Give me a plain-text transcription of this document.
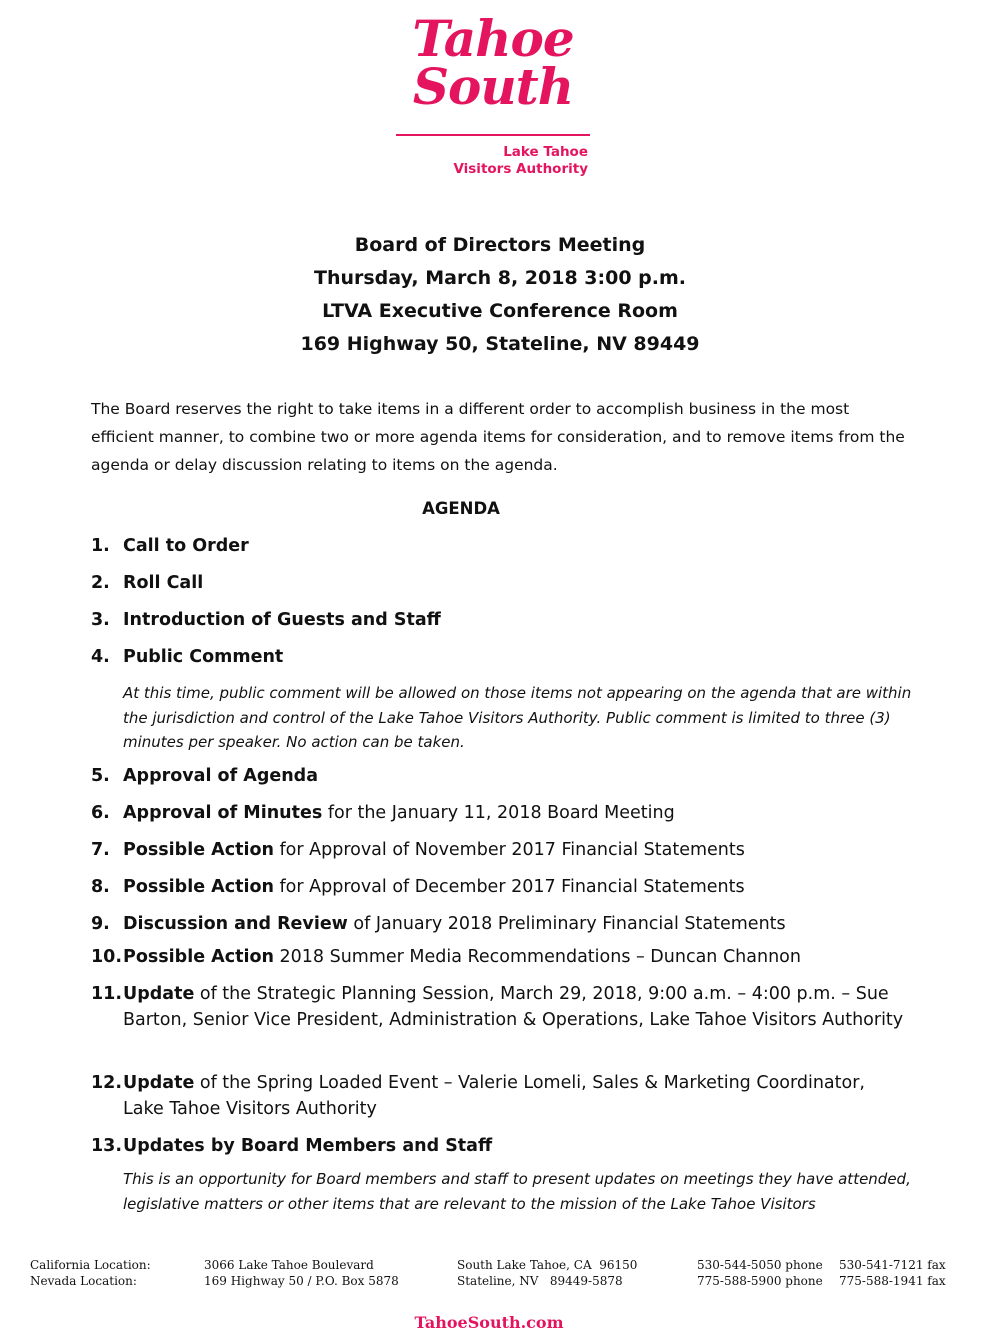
Tahoe
South
Lake Tahoe
Visitors Authority
Board of Directors Meeting
Thursday, March 8, 2018 3:00 p.m.
LTVA Executive Conference Room
169 Highway 50, Stateline, NV 89449
The Board reserves the right to take items in a different order to accomplish business in the most efficient manner, to combine two or more agenda items for consideration, and to remove items from the agenda or delay discussion relating to items on the agenda.
AGENDA
1. Call to Order
2. Roll Call
3. Introduction of Guests and Staff
4. Public Comment
At this time, public comment will be allowed on those items not appearing on the agenda that are within the jurisdiction and control of the Lake Tahoe Visitors Authority. Public comment is limited to three (3) minutes per speaker. No action can be taken.
5. Approval of Agenda
6. Approval of Minutes for the January 11, 2018 Board Meeting
7. Possible Action for Approval of November 2017 Financial Statements
8. Possible Action for Approval of December 2017 Financial Statements
9. Discussion and Review of January 2018 Preliminary Financial Statements
10. Possible Action 2018 Summer Media Recommendations – Duncan Channon
11. Update of the Strategic Planning Session, March 29, 2018, 9:00 a.m. – 4:00 p.m. – Sue Barton, Senior Vice President, Administration & Operations, Lake Tahoe Visitors Authority
12. Update of the Spring Loaded Event – Valerie Lomeli, Sales & Marketing Coordinator, Lake Tahoe Visitors Authority
13. Updates by Board Members and Staff
This is an opportunity for Board members and staff to present updates on meetings they have attended, legislative matters or other items that are relevant to the mission of the Lake Tahoe Visitors
California Location:
Nevada Location:
3066 Lake Tahoe Boulevard
169 Highway 50 / P.O. Box 5878
South Lake Tahoe, CA  96150
Stateline, NV   89449-5878
530-544-5050 phone
775-588-5900 phone
530-541-7121 fax
775-588-1941 fax
TahoeSouth.com
